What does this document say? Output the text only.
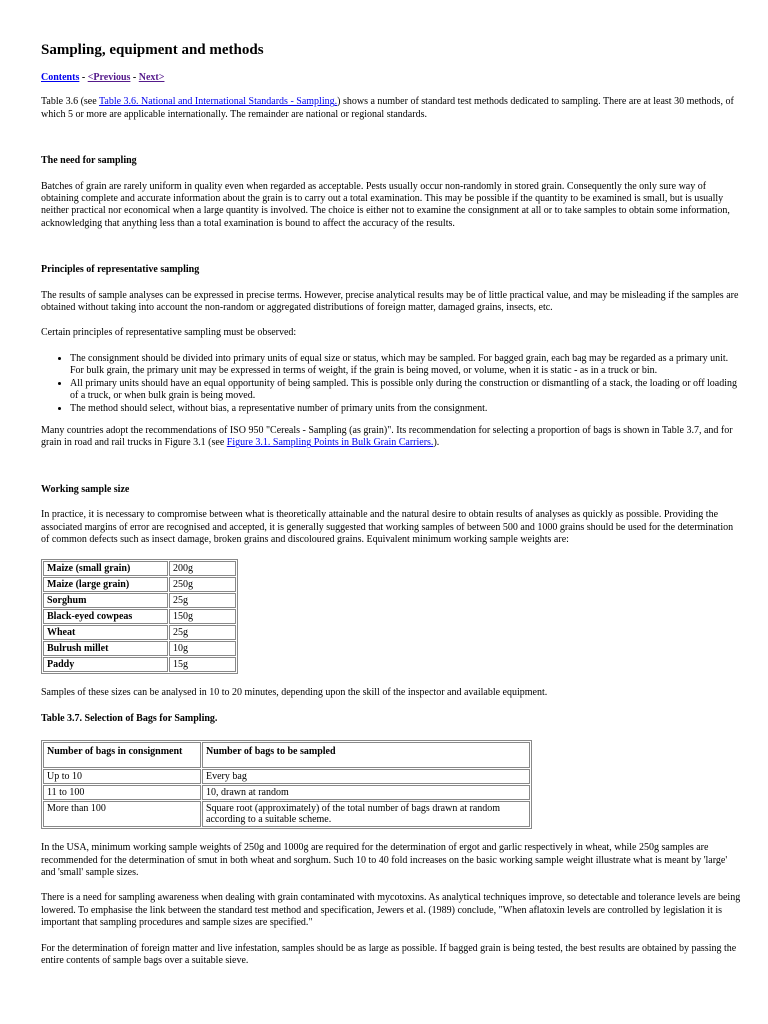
Sampling, equipment and methods
Contents - <Previous - Next>

Table 3.6 (see Table 3.6. National and International Standards - Sampling.) shows a number of standard test methods dedicated to sampling. There are at least 30 methods, of which 5 or more are applicable internationally. The remainder are national or regional standards.

The need for sampling

Batches of grain are rarely uniform in quality even when regarded as acceptable. Pests usually occur non-randomly in stored grain. Consequently the only sure way of obtaining complete and accurate information about the grain is to carry out a total examination. This may be possible if the quantity to be examined is small, but is usually neither practical nor economical when a large quantity is involved. The choice is either not to examine the consignment at all or to take samples to obtain some information, acknowledging that anything less than a total examination is bound to affect the accuracy of the results.

Principles of representative sampling

The results of sample analyses can be expressed in precise terms. However, precise analytical results may be of little practical value, and may be misleading if the samples are obtained without taking into account the non-random or aggregated distributions of foreign matter, damaged grains, insects, etc.

Certain principles of representative sampling must be observed:

• The consignment should be divided into primary units of equal size or status, which may be sampled. For bagged grain, each bag may be regarded as a primary unit. For bulk grain, the primary unit may be expressed in terms of weight, if the grain is being moved, or volume, when it is static - as in a truck or bin.
• All primary units should have an equal opportunity of being sampled. This is possible only during the construction or dismantling of a stack, the loading or off loading of a truck, or when bulk grain is being moved.
• The method should select, without bias, a representative number of primary units from the consignment.

Many countries adopt the recommendations of ISO 950 "Cereals - Sampling (as grain)". Its recommendation for selecting a proportion of bags is shown in Table 3.7, and for grain in road and rail trucks in Figure 3.1 (see Figure 3.1. Sampling Points in Bulk Grain Carriers.).

Working sample size

In practice, it is necessary to compromise between what is theoretically attainable and the natural desire to obtain results of analyses as quickly as possible. Providing the associated margins of error are recognised and accepted, it is generally suggested that working samples of between 500 and 1000 grains should be used for the determination of common defects such as insect damage, broken grains and discoloured grains. Equivalent minimum working sample weights are:

Maize (small grain)	200g
Maize (large grain)	250g
Sorghum	25g
Black-eyed cowpeas	150g
Wheat	25g
Bulrush millet	10g
Paddy	15g

Samples of these sizes can be analysed in 10 to 20 minutes, depending upon the skill of the inspector and available equipment.

Table 3.7. Selection of Bags for Sampling.
Number of bags in consignment	Number of bags to be sampled
Up to 10	Every bag
11 to 100	10, drawn at random
More than 100	Square root (approximately) of the total number of bags drawn at random according to a suitable scheme.

In the USA, minimum working sample weights of 250g and 1000g are required for the determination of ergot and garlic respectively in wheat, while 250g samples are recommended for the determination of smut in both wheat and sorghum. Such 10 to 40 fold increases on the basic working sample weight illustrate what is meant by 'large' and 'small' sample sizes.

There is a need for sampling awareness when dealing with grain contaminated with mycotoxins. As analytical techniques improve, so detectable and tolerance levels are being lowered. To emphasise the link between the standard test method and specification, Jewers et al. (1989) conclude, "When aflatoxin levels are controlled by legislation it is important that sampling procedures and sample sizes are specified."

For the determination of foreign matter and live infestation, samples should be as large as possible. If bagged grain is being tested, the best results are obtained by passing the entire contents of sample bags over a suitable sieve.
